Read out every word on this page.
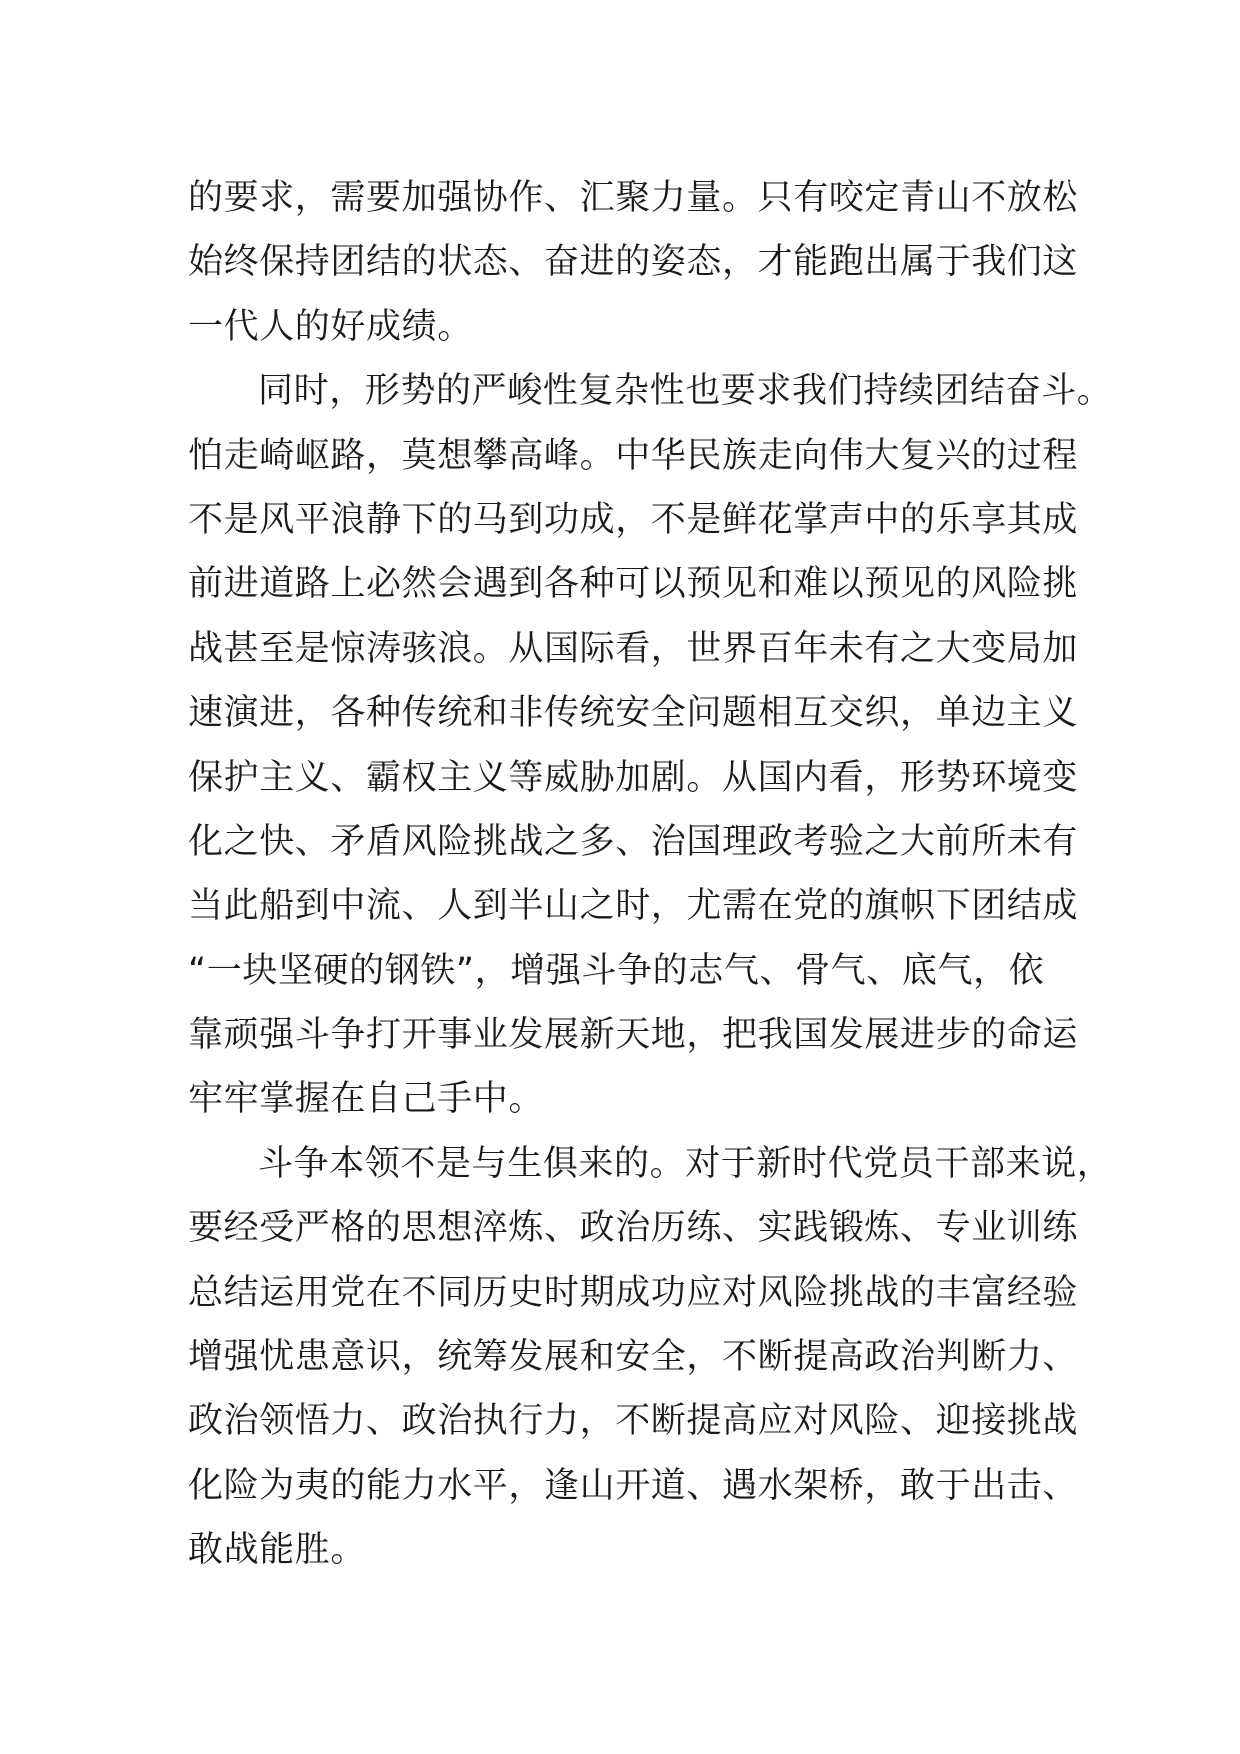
的要求，需要加强协作、汇聚力量。只有咬定青山不放松
始终保持团结的状态、奋进的姿态，才能跑出属于我们这
一代人的好成绩。
同时，形势的严峻性复杂性也要求我们持续团结奋斗。
怕走崎岖路，莫想攀高峰。中华民族走向伟大复兴的过程
不是风平浪静下的马到功成，不是鲜花掌声中的乐享其成
前进道路上必然会遇到各种可以预见和难以预见的风险挑
战甚至是惊涛骇浪。从国际看，世界百年未有之大变局加
速演进，各种传统和非传统安全问题相互交织，单边主义
保护主义、霸权主义等威胁加剧。从国内看，形势环境变
化之快、矛盾风险挑战之多、治国理政考验之大前所未有
当此船到中流、人到半山之时，尤需在党的旗帜下团结成
“一块坚硬的钢铁”，增强斗争的志气、骨气、底气，依
靠顽强斗争打开事业发展新天地，把我国发展进步的命运
牢牢掌握在自己手中。
斗争本领不是与生俱来的。对于新时代党员干部来说，
要经受严格的思想淬炼、政治历练、实践锻炼、专业训练
总结运用党在不同历史时期成功应对风险挑战的丰富经验
增强忧患意识，统筹发展和安全，不断提高政治判断力、
政治领悟力、政治执行力，不断提高应对风险、迎接挑战
化险为夷的能力水平，逢山开道、遇水架桥，敢于出击、
敢战能胜。
